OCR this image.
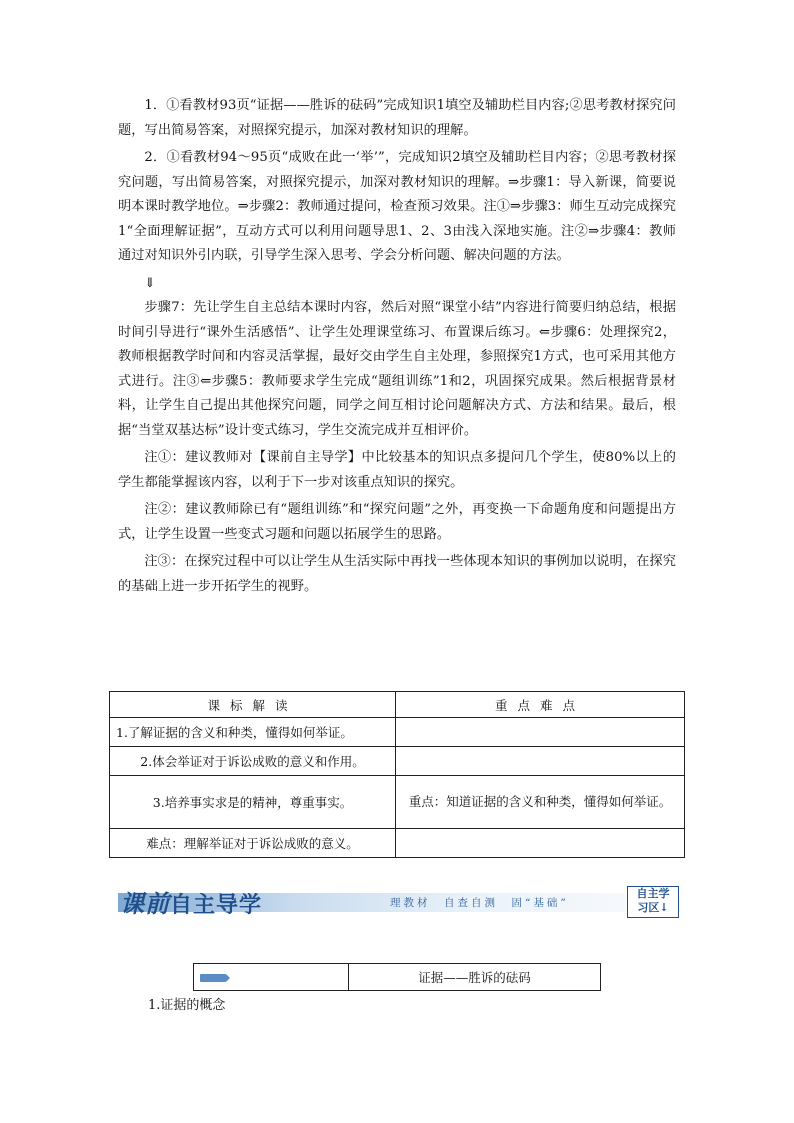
1．①看教材93页“证据——胜诉的砝码”完成知识1填空及辅助栏目内容;②思考教材探究问题，写出简易答案，对照探究提示，加深对教材知识的理解。

2．①看教材94～95页“成败在此一‘举’”，完成知识2填空及辅助栏目内容；②思考教材探究问题，写出简易答案，对照探究提示，加深对教材知识的理解。⇒步骤1：导入新课，简要说明本课时教学地位。⇒步骤2：教师通过提问，检查预习效果。注①⇒步骤3：师生互动完成探究1“全面理解证据”，互动方式可以利用问题导思1、2、3由浅入深地实施。注②⇒步骤4：教师通过对知识外引内联，引导学生深入思考、学会分析问题、解决问题的方法。

⇓

步骤7：先让学生自主总结本课时内容，然后对照“课堂小结”内容进行简要归纳总结，根据时间引导进行“课外生活感悟”、让学生处理课堂练习、布置课后练习。⇐步骤6：处理探究2，教师根据教学时间和内容灵活掌握，最好交由学生自主处理，参照探究1方式，也可采用其他方式进行。注③⇐步骤5：教师要求学生完成“题组训练”1和2，巩固探究成果。然后根据背景材料，让学生自己提出其他探究问题，同学之间互相讨论问题解决方式、方法和结果。最后，根据“当堂双基达标”设计变式练习，学生交流完成并互相评价。

注①：建议教师对【课前自主导学】中比较基本的知识点多提问几个学生，使80%以上的学生都能掌握该内容，以利于下一步对该重点知识的探究。

注②：建议教师除已有“题组训练”和“探究问题”之外，再变换一下命题角度和问题提出方式，让学生设置一些变式习题和问题以拓展学生的思路。

注③：在探究过程中可以让学生从生活实际中再找一些体现本知识的事例加以说明，在探究的基础上进一步开拓学生的视野。

课标解读	重点难点
1.了解证据的含义和种类，懂得如何举证。	
2.体会举证对于诉讼成败的意义和作用。	
3.培养事实求是的精神，尊重事实。	重点：知道证据的含义和种类，懂得如何举证。
难点：理解举证对于诉讼成败的意义。	
课前自主导学	理教材　自查自测　固“基础”
自主学
习区↓
	证据——胜诉的砝码
1.证据的概念
